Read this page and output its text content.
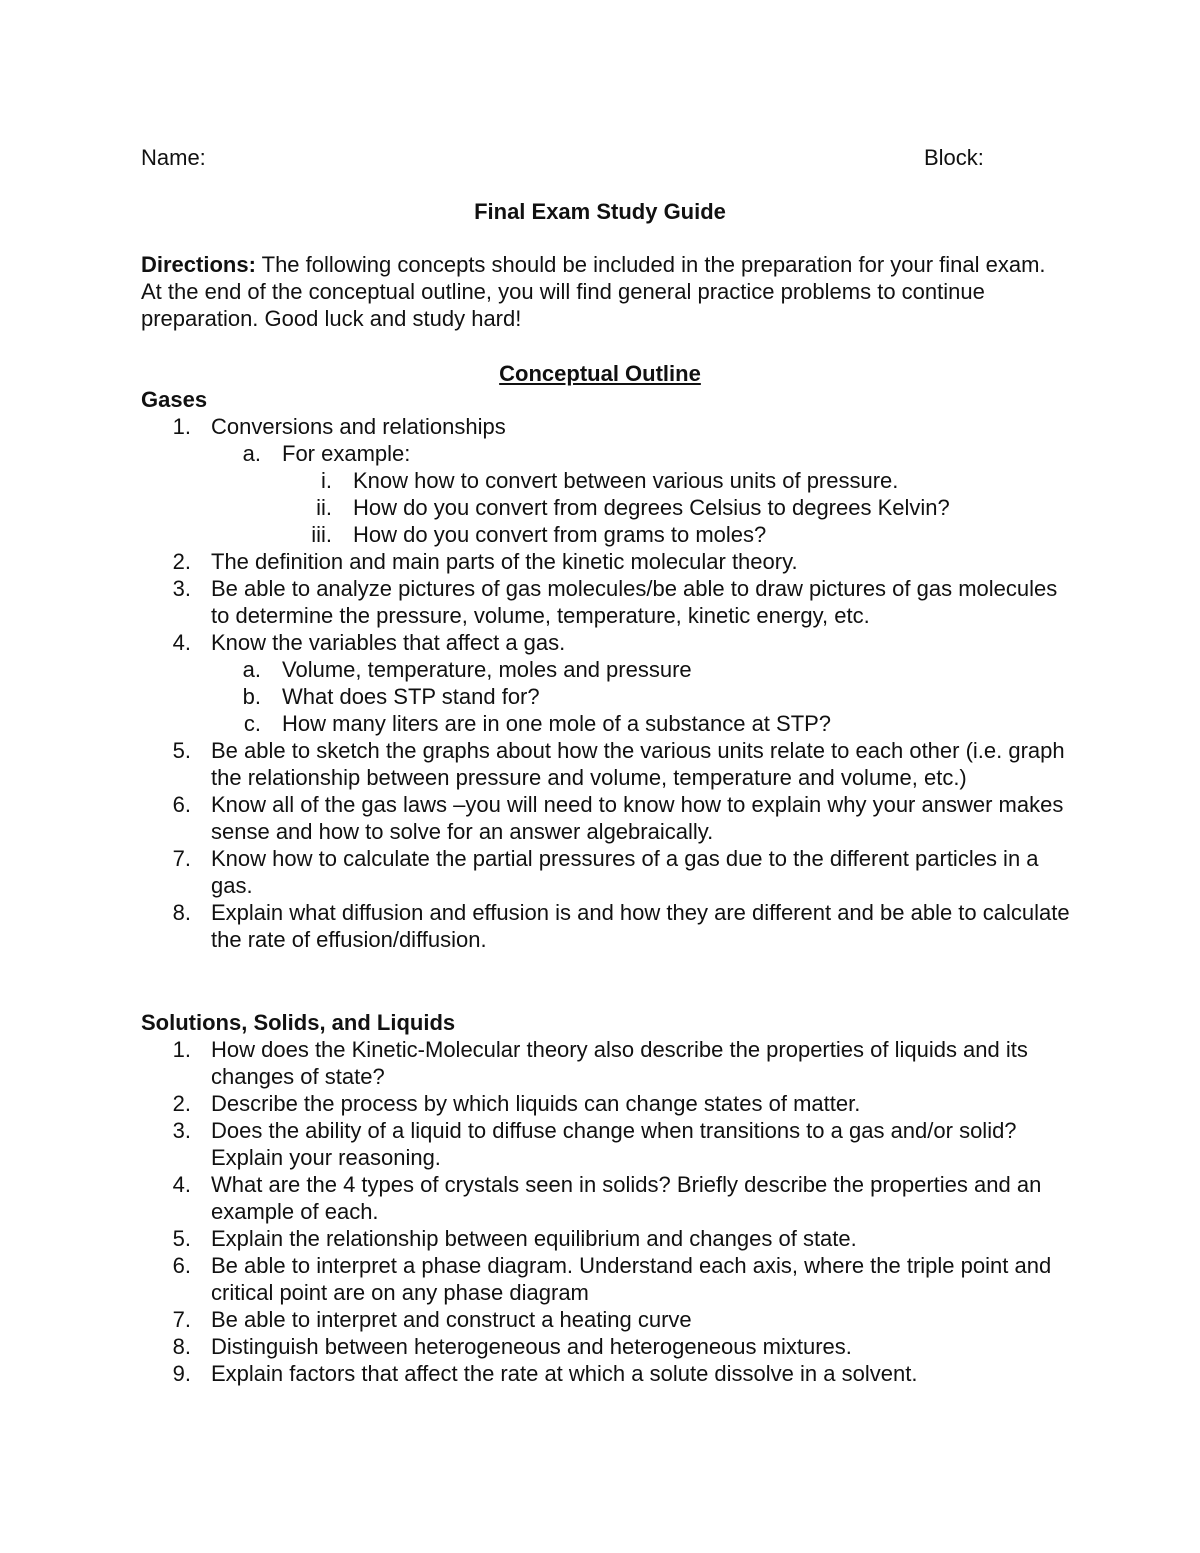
Name:	Block:
Final Exam Study Guide

Directions: The following concepts should be included in the preparation for your final exam. At the end of the conceptual outline, you will find general practice problems to continue preparation. Good luck and study hard!

Conceptual Outline
Gases
1. Conversions and relationships
a. For example:
i. Know how to convert between various units of pressure.
ii. How do you convert from degrees Celsius to degrees Kelvin?
iii. How do you convert from grams to moles?
2. The definition and main parts of the kinetic molecular theory.
3. Be able to analyze pictures of gas molecules/be able to draw pictures of gas molecules to determine the pressure, volume, temperature, kinetic energy, etc.
4. Know the variables that affect a gas.
a. Volume, temperature, moles and pressure
b. What does STP stand for?
c. How many liters are in one mole of a substance at STP?
5. Be able to sketch the graphs about how the various units relate to each other (i.e. graph the relationship between pressure and volume, temperature and volume, etc.)
6. Know all of the gas laws –you will need to know how to explain why your answer makes sense and how to solve for an answer algebraically.
7. Know how to calculate the partial pressures of a gas due to the different particles in a gas.
8. Explain what diffusion and effusion is and how they are different and be able to calculate the rate of effusion/diffusion.
Solutions, Solids, and Liquids
1. How does the Kinetic-Molecular theory also describe the properties of liquids and its changes of state?
2. Describe the process by which liquids can change states of matter.
3. Does the ability of a liquid to diffuse change when transitions to a gas and/or solid? Explain your reasoning.
4. What are the 4 types of crystals seen in solids? Briefly describe the properties and an example of each.
5. Explain the relationship between equilibrium and changes of state.
6. Be able to interpret a phase diagram. Understand each axis, where the triple point and critical point are on any phase diagram
7. Be able to interpret and construct a heating curve
8. Distinguish between heterogeneous and heterogeneous mixtures.
9. Explain factors that affect the rate at which a solute dissolve in a solvent.
